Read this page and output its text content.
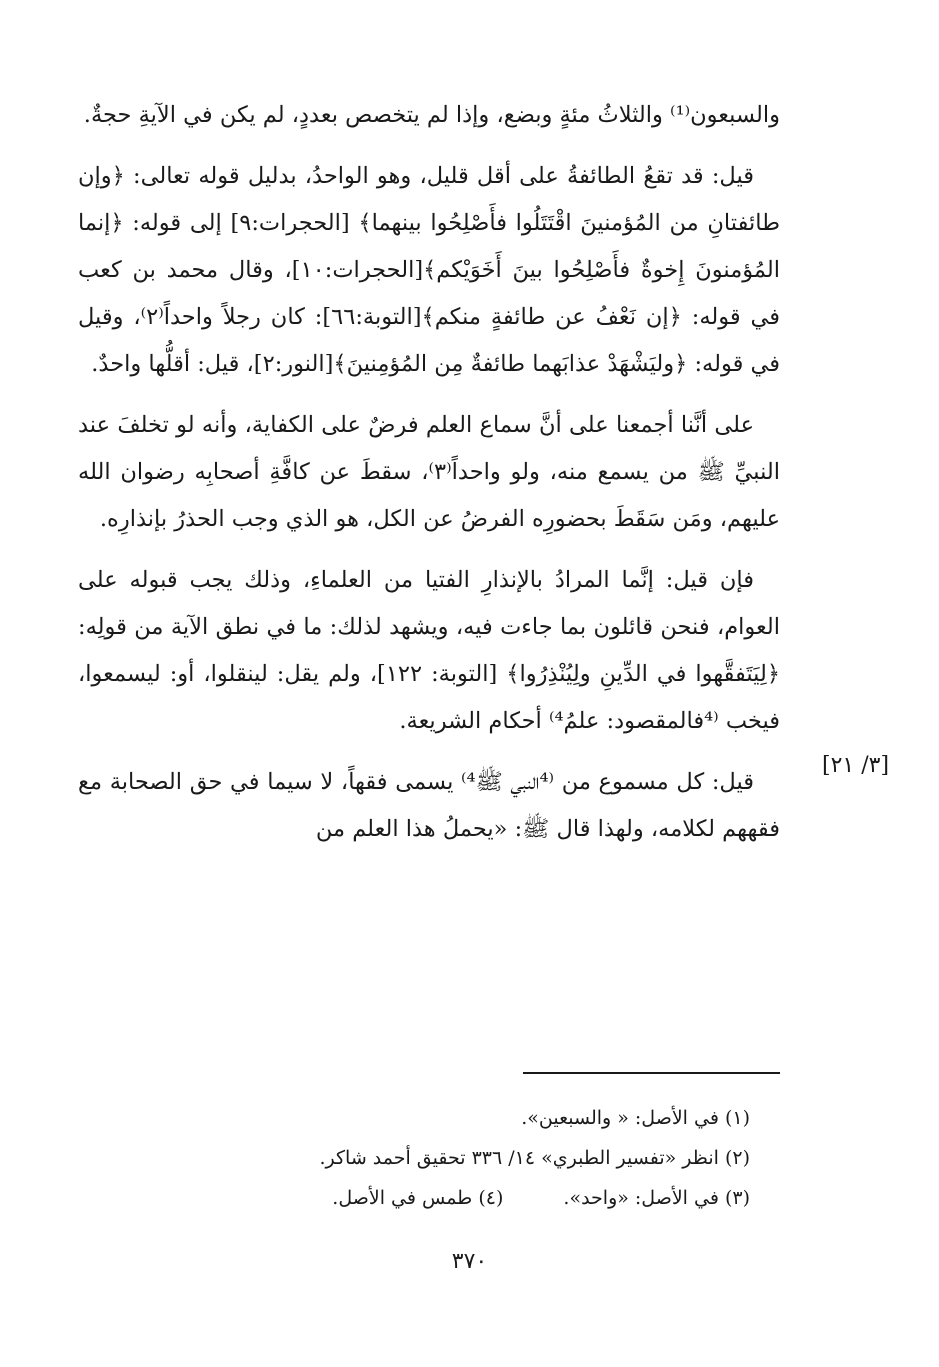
والسبعون⁽¹⁾ والثلاثُ مئةٍ وبضع، وإذا لم يتخصص بعددٍ، لم يكن في الآيةِ حجةٌ.

قيل: قد تقعُ الطائفةُ على أقل قليل، وهو الواحدُ، بدليل قوله تعالى: ﴿وإن طائفتانِ من المُؤمنينَ اقْتَتَلُوا فأَصْلِحُوا بينهما﴾ [الحجرات:٩] إلى قوله: ﴿إنما المُؤمنونَ إِخوةٌ فأَصْلِحُوا بينَ أَخَوَيْكم﴾[الحجرات:١٠]، وقال محمد بن كعب في قوله: ﴿إن نَعْفُ عن طائفةٍ منكم﴾[التوبة:٦٦]: كان رجلاً واحداً⁽٢⁾، وقيل في قوله: ﴿وليَشْهَدْ عذابَهما طائفةٌ مِن المُؤمِنينَ﴾[النور:٢]، قيل: أقلُّها واحدٌ.

على أنَّنا أجمعنا على أنَّ سماع العلم فرضٌ على الكفاية، وأنه لو تخلفَ عند النبيِّ ﷺ من يسمع منه، ولو واحداً⁽٣⁾، سقطَ عن كافَّةِ أصحابِه رضوان الله عليهم، ومَن سَقَطَ بحضورِه الفرضُ عن الكل، هو الذي وجب الحذرُ بإنذارِه.

فإن قيل: إنَّما المرادُ بالإنذارِ الفتيا من العلماءِ، وذلك يجب قبوله على العوام، فنحن قائلون بما جاءت فيه، ويشهد لذلك: ما في نطق الآية من قولِه: ﴿لِيَتَفقَّهوا في الدِّينِ ولِيُنْذِرُوا﴾ [التوبة: ١٢٢]، ولم يقل: لينقلوا، أو: ليسمعوا، فيخب ⁽⁴فالمقصود: علمُ⁴⁾ أحكام الشريعة.

قيل: كل مسموع من ⁽⁴النبي ﷺ⁴⁾ يسمى فقهاً، لا سيما في حق الصحابة مع فقههم لكلامه، ولهذا قال ﷺ: «يحملُ هذا العلم من

[٣/ ٢١]
(١) في الأصل: « والسبعين».
(٢) انظر «تفسير الطبري» ١٤/ ٣٣٦ تحقيق أحمد شاكر.
(٣) في الأصل: «واحد».(٤) طمس في الأصل.
٣٧٠
